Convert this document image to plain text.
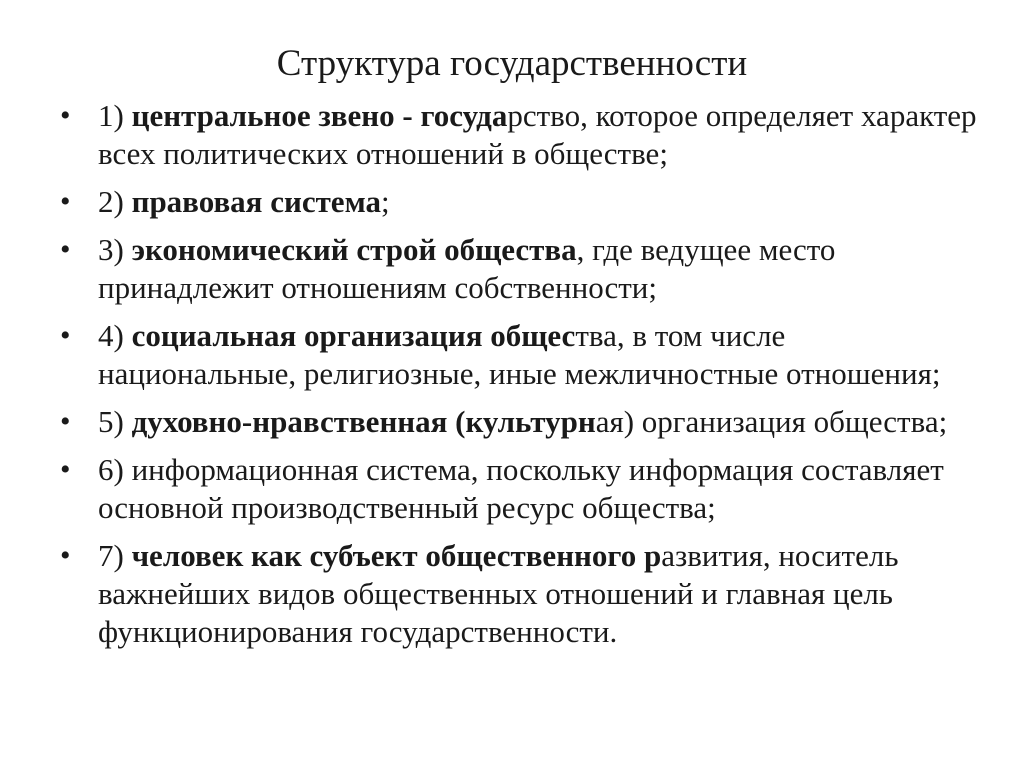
Структура государственности
• 1) центральное звено - государство, которое определяет характер всех политических отношений в обществе;
• 2) правовая система;
• 3) экономический строй общества, где ведущее место принадлежит отношениям собственности;
• 4) социальная организация общества, в том числе национальные, религиозные, иные межличностные отношения;
• 5) духовно-нравственная (культурная) организация общества;
• 6) информационная система, поскольку информация составляет основной производственный ресурс общества;
• 7) человек как субъект общественного развития, носитель важнейших видов общественных отношений и главная цель функционирования государственности.
